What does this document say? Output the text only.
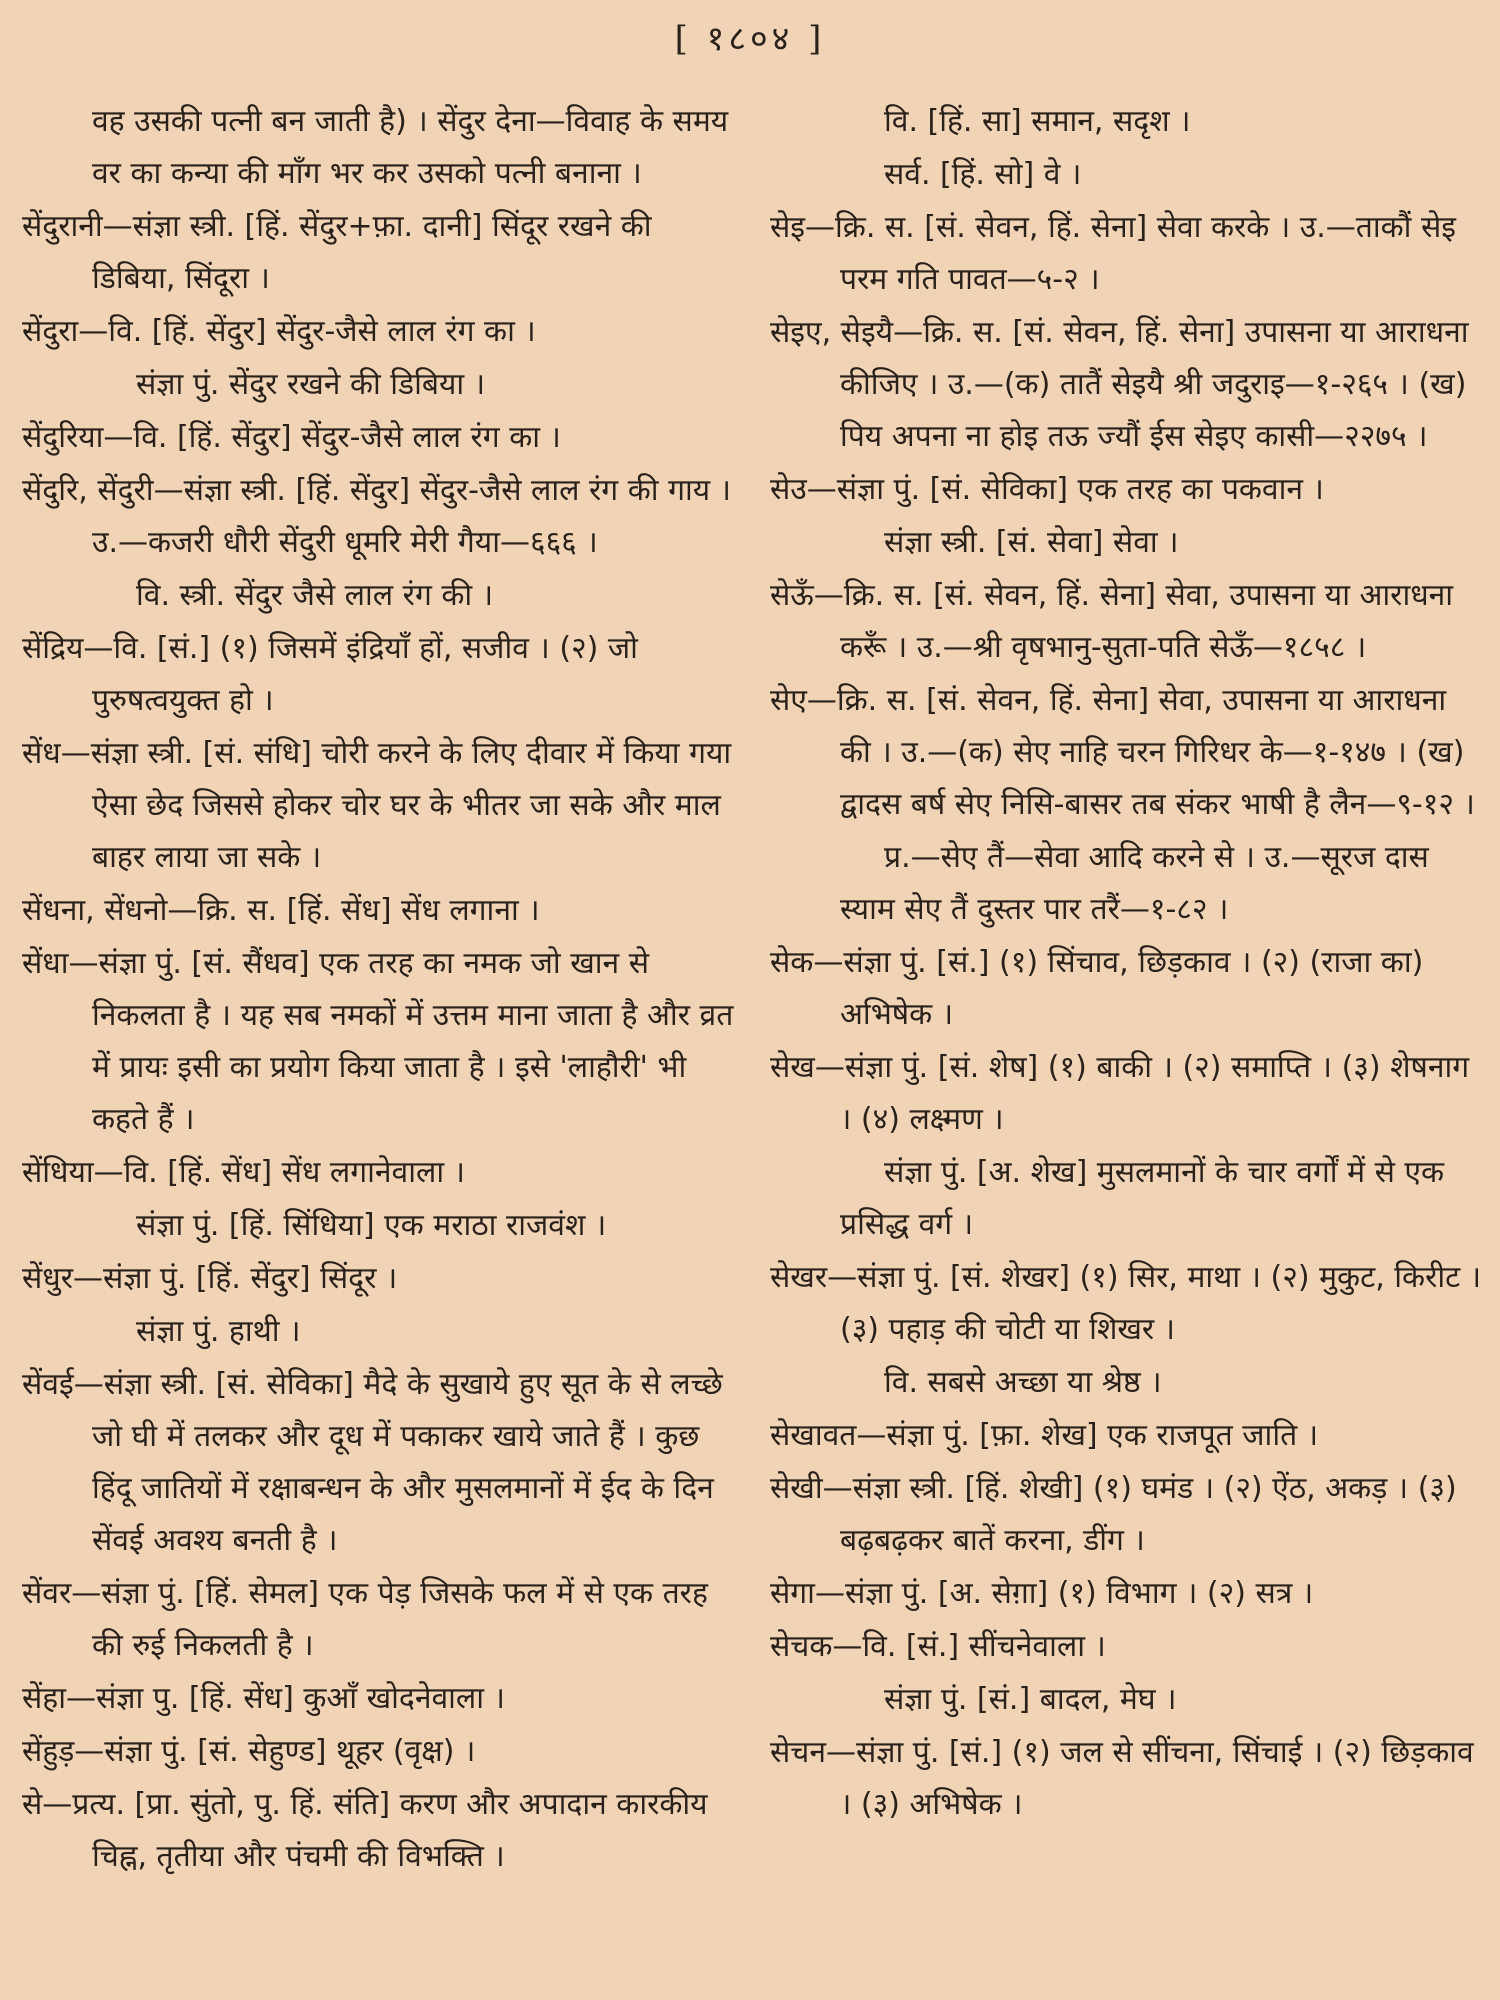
[ १८०४ ]

वह उसकी पत्नी बन जाती है) । सेंदुर देना—विवाह के समय वर का कन्या की माँग भर कर उसको पत्नी बनाना ।

सेंदुरानी—संज्ञा स्त्री. [हिं. सेंदुर+फ़ा. दानी] सिंदूर रखने की डिबिया, सिंदूरा ।

सेंदुरा—वि. [हिं. सेंदुर] सेंदुर-जैसे लाल रंग का ।

संज्ञा पुं. सेंदुर रखने की डिबिया ।

सेंदुरिया—वि. [हिं. सेंदुर] सेंदुर-जैसे लाल रंग का ।

सेंदुरि, सेंदुरी—संज्ञा स्त्री. [हिं. सेंदुर] सेंदुर-जैसे लाल रंग की गाय । उ.—कजरी धौरी सेंदुरी धूमरि मेरी गैया—६६६ ।

वि. स्त्री. सेंदुर जैसे लाल रंग की ।

सेंद्रिय—वि. [सं.] (१) जिसमें इंद्रियाँ हों, सजीव । (२) जो पुरुषत्वयुक्त हो ।

सेंध—संज्ञा स्त्री. [सं. संधि] चोरी करने के लिए दीवार में किया गया ऐसा छेद जिससे होकर चोर घर के भीतर जा सके और माल बाहर लाया जा सके ।

सेंधना, सेंधनो—क्रि. स. [हिं. सेंध] सेंध लगाना ।

सेंधा—संज्ञा पुं. [सं. सैंधव] एक तरह का नमक जो खान से निकलता है । यह सब नमकों में उत्तम माना जाता है और व्रत में प्रायः इसी का प्रयोग किया जाता है । इसे 'लाहौरी' भी कहते हैं ।

सेंधिया—वि. [हिं. सेंध] सेंध लगानेवाला ।

संज्ञा पुं. [हिं. सिंधिया] एक मराठा राजवंश ।

सेंधुर—संज्ञा पुं. [हिं. सेंदुर] सिंदूर ।

संज्ञा पुं. हाथी ।

सेंवई—संज्ञा स्त्री. [सं. सेविका] मैदे के सुखाये हुए सूत के से लच्छे जो घी में तलकर और दूध में पकाकर खाये जाते हैं । कुछ हिंदू जातियों में रक्षाबन्धन के और मुसलमानों में ईद के दिन सेंवई अवश्य बनती है ।

सेंवर—संज्ञा पुं. [हिं. सेमल] एक पेड़ जिसके फल में से एक तरह की रुई निकलती है ।

सेंहा—संज्ञा पु. [हिं. सेंध] कुआँ खोदनेवाला ।

सेंहुड़—संज्ञा पुं. [सं. सेहुण्ड] थूहर (वृक्ष) ।

से—प्रत्य. [प्रा. सुंतो, पु. हिं. संति] करण और अपादान कारकीय चिह्न, तृतीया और पंचमी की विभक्ति ।

वि. [हिं. सा] समान, सदृश ।

सर्व. [हिं. सो] वे ।

सेइ—क्रि. स. [सं. सेवन, हिं. सेना] सेवा करके । उ.—ताकौं सेइ परम गति पावत—५-२ ।

सेइए, सेइयै—क्रि. स. [सं. सेवन, हिं. सेना] उपासना या आराधना कीजिए । उ.—(क) तातैं सेइयै श्री जदुराइ—१-२६५ । (ख) पिय अपना ना होइ तऊ ज्यौं ईस सेइए कासी—२२७५ ।

सेउ—संज्ञा पुं. [सं. सेविका] एक तरह का पकवान ।

संज्ञा स्त्री. [सं. सेवा] सेवा ।

सेऊँ—क्रि. स. [सं. सेवन, हिं. सेना] सेवा, उपासना या आराधना करूँ । उ.—श्री वृषभानु-सुता-पति सेऊँ—१८५८ ।

सेए—क्रि. स. [सं. सेवन, हिं. सेना] सेवा, उपासना या आराधना की । उ.—(क) सेए नाहि चरन गिरिधर के—१-१४७ । (ख) द्वादस बर्ष सेए निसि-बासर तब संकर भाषी है लैन—९-१२ ।

प्र.—सेए तैं—सेवा आदि करने से । उ.—सूरज दास स्याम सेए तैं दुस्तर पार तरैं—१-८२ ।

सेक—संज्ञा पुं. [सं.] (१) सिंचाव, छिड़काव । (२) (राजा का) अभिषेक ।

सेख—संज्ञा पुं. [सं. शेष] (१) बाकी । (२) समाप्ति । (३) शेषनाग । (४) लक्ष्मण ।

संज्ञा पुं. [अ. शेख] मुसलमानों के चार वर्गों में से एक प्रसिद्ध वर्ग ।

सेखर—संज्ञा पुं. [सं. शेखर] (१) सिर, माथा । (२) मुकुट, किरीट । (३) पहाड़ की चोटी या शिखर ।

वि. सबसे अच्छा या श्रेष्ठ ।

सेखावत—संज्ञा पुं. [फ़ा. शेख] एक राजपूत जाति ।

सेखी—संज्ञा स्त्री. [हिं. शेखी] (१) घमंड । (२) ऐंठ, अकड़ । (३) बढ़बढ़कर बातें करना, डींग ।

सेगा—संज्ञा पुं. [अ. सेग़ा] (१) विभाग । (२) सत्र ।

सेचक—वि. [सं.] सींचनेवाला ।

संज्ञा पुं. [सं.] बादल, मेघ ।

सेचन—संज्ञा पुं. [सं.] (१) जल से सींचना, सिंचाई । (२) छिड़काव । (३) अभिषेक ।
